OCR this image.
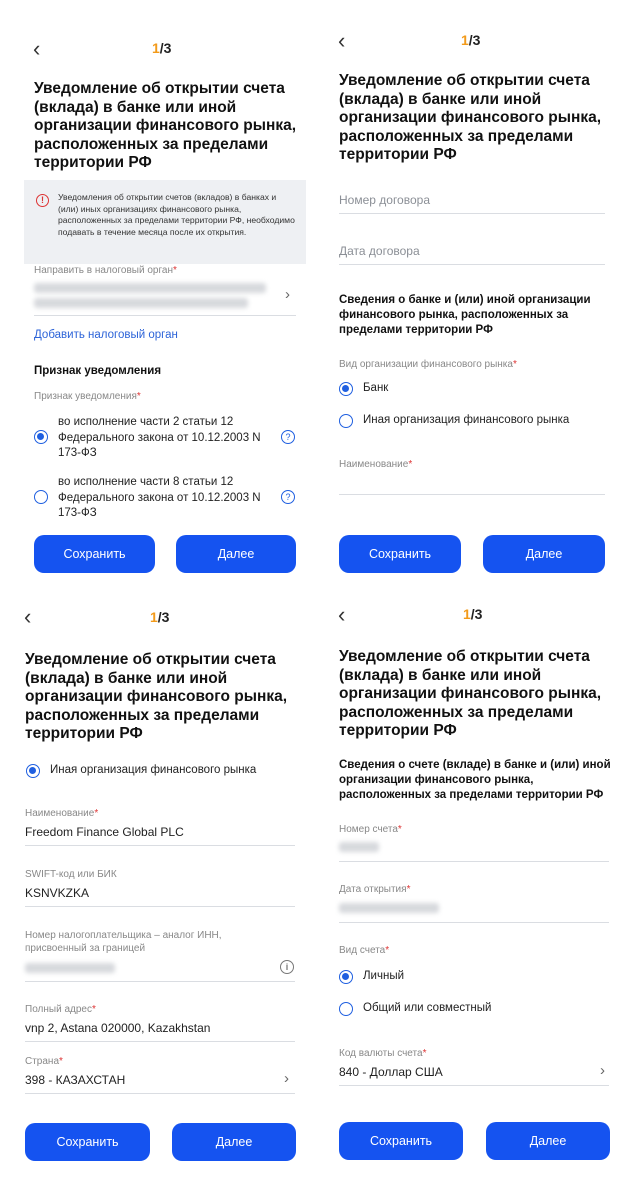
‹	1/3
Уведомление об открытии счета (вклада) в банке или иной организации финансового рынка, расположенных за пределами территории РФ
!	Уведомления об открытии счетов (вкладов) в банках и (или) иных организациях финансового рынка, расположенных за пределами территории РФ, необходимо подавать в течение месяца после их открытия.
Направить в налоговый орган*
›
Добавить налоговый орган
Признак уведомления
Признак уведомления*
во исполнение части 2 статьи 12 Федерального закона от 10.12.2003 N 173-ФЗ
?
во исполнение части 8 статьи 12 Федерального закона от 10.12.2003 N 173-ФЗ
?
Сохранить	Далее
‹	1/3
Уведомление об открытии счета (вклада) в банке или иной организации финансового рынка, расположенных за пределами территории РФ
Номер договора
Дата договора
Сведения о банке и (или) иной организации финансового рынка, расположенных за пределами территории РФ
Вид организации финансового рынка*
Банк
Иная организация финансового рынка
Наименование*
Сохранить	Далее
‹	1/3
Уведомление об открытии счета (вклада) в банке или иной организации финансового рынка, расположенных за пределами территории РФ
Иная организация финансового рынка
Наименование*
Freedom Finance Global PLC
SWIFT-код или БИК
KSNVKZKA
Номер налогоплательщика – аналог ИНН, присвоенный за границей
i
Полный адрес*
vnp 2, Astana 020000, Kazakhstan
Страна*
398 - КАЗАХСТАН	›
Сохранить	Далее
‹	1/3
Уведомление об открытии счета (вклада) в банке или иной организации финансового рынка, расположенных за пределами территории РФ
Сведения о счете (вкладе) в банке и (или) иной организации финансового рынка, расположенных за пределами территории РФ
Номер счета*
Дата открытия*
Вид счета*
Личный
Общий или совместный
Код валюты счета*
840 - Доллар США	›
Сохранить	Далее
